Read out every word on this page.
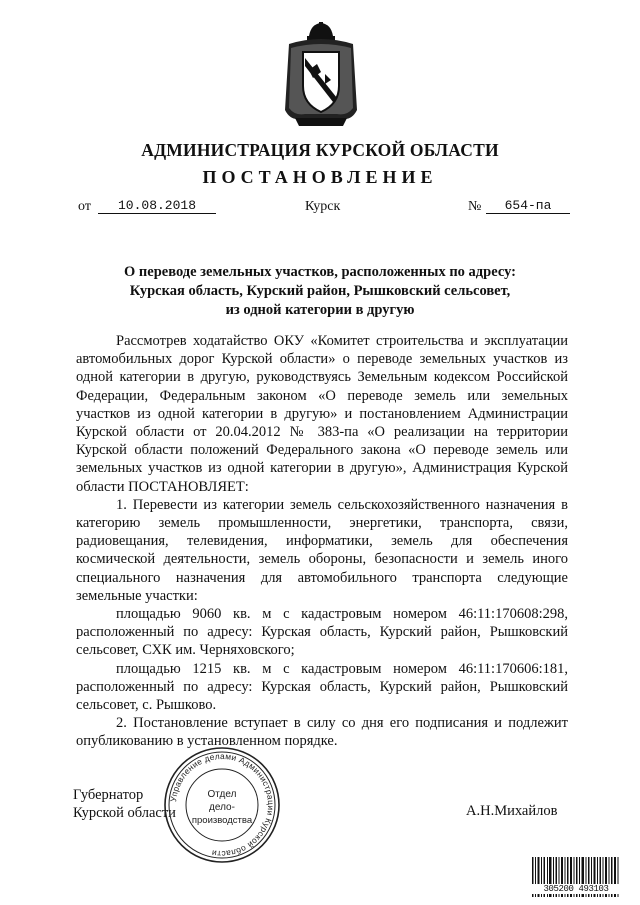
АДМИНИСТРАЦИЯ КУРСКОЙ ОБЛАСТИ
ПОСТАНОВЛЕНИЕ
от	10.08.2018	Курск	№	654-па
О переводе земельных участков, расположенных по адресу:
Курская область, Курский район, Рышковский сельсовет,
из одной категории в другую

Рассмотрев ходатайство ОКУ «Комитет строительства и эксплуатации автомобильных дорог Курской области» о переводе земельных участков из одной категории в другую, руководствуясь Земельным кодексом Российской Федерации, Федеральным законом «О переводе земель или земельных участков из одной категории в другую» и постановлением Администрации Курской области от 20.04.2012 № 383-па «О реализации на территории Курской области положений Федерального закона «О переводе земель или земельных участков из одной категории в другую», Администрация Курской области ПОСТАНОВЛЯЕТ:

1. Перевести из категории земель сельскохозяйственного назначения в категорию земель промышленности, энергетики, транспорта, связи, радиовещания, телевидения, информатики, земель для обеспечения космической деятельности, земель обороны, безопасности и земель иного специального назначения для автомобильного транспорта следующие земельные участки:

площадью 9060 кв. м с кадастровым номером 46:11:170608:298, расположенный по адресу: Курская область, Курский район, Рышковский сельсовет, СХК им. Черняховского;

площадью 1215 кв. м с кадастровым номером 46:11:170606:181, расположенный по адресу: Курская область, Курский район, Рышковский сельсовет, с. Рышково.

2. Постановление вступает в силу со дня его подписания и подлежит опубликованию в установленном порядке.

Губернатор
Курской области	А.Н.Михайлов
Управление делами Администрации Курской области
Отдел
дело-
производства
305200 493103
